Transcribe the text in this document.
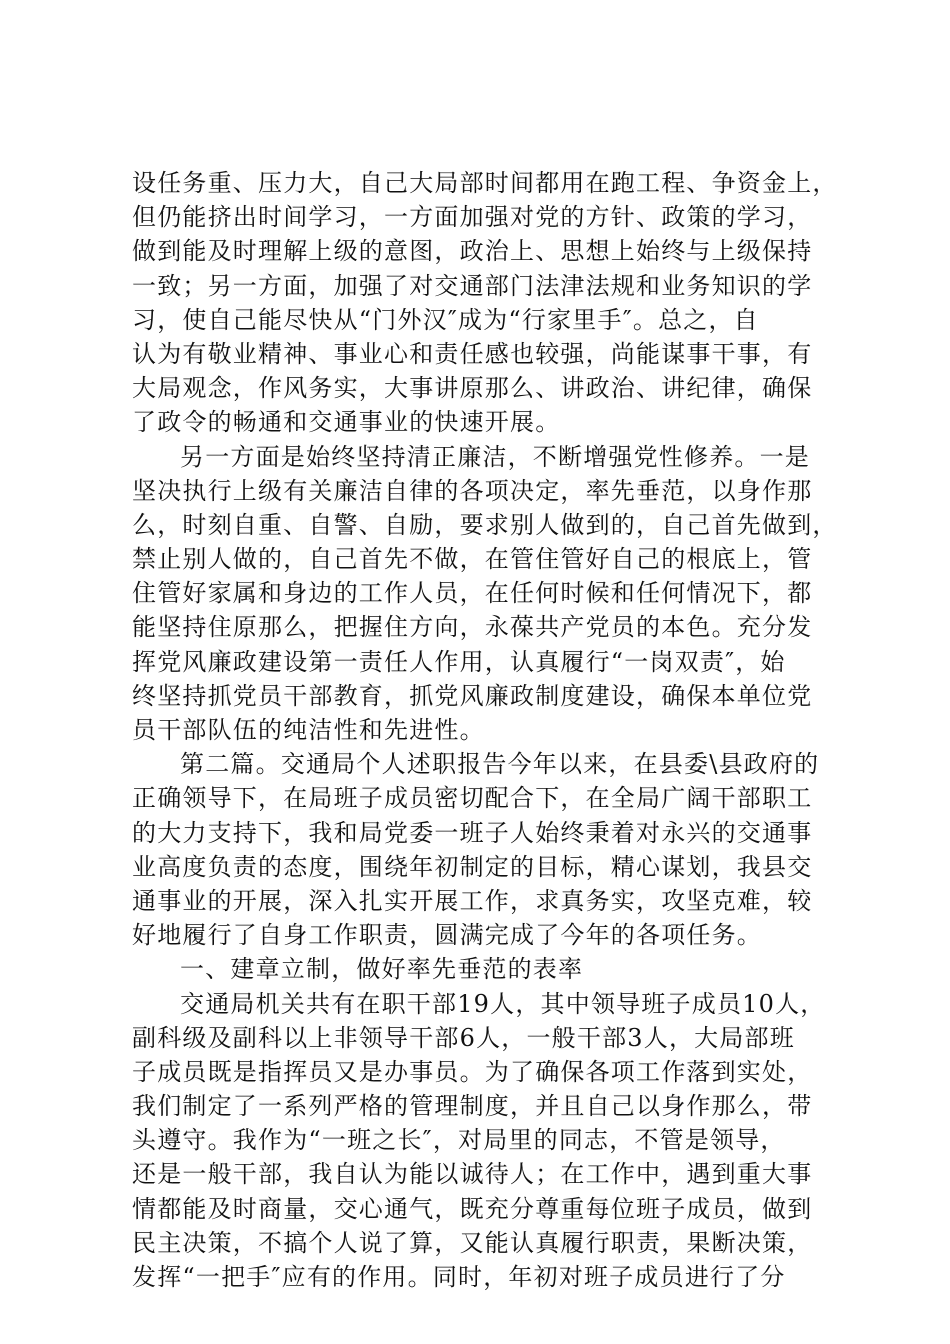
设任务重、压力大，自己大局部时间都用在跑工程、争资金上，
但仍能挤出时间学习，一方面加强对党的方针、政策的学习，
做到能及时理解上级的意图，政治上、思想上始终与上级保持
一致；另一方面，加强了对交通部门法津法规和业务知识的学
习，使自己能尽快从“门外汉″成为“行家里手″。总之，自
认为有敬业精神、事业心和责任感也较强，尚能谋事干事，有
大局观念，作风务实，大事讲原那么、讲政治、讲纪律，确保
了政令的畅通和交通事业的快速开展。
另一方面是始终坚持清正廉洁，不断增强党性修养。一是
坚决执行上级有关廉洁自律的各项决定，率先垂范，以身作那
么，时刻自重、自警、自励，要求别人做到的，自己首先做到，
禁止别人做的，自己首先不做，在管住管好自己的根底上，管
住管好家属和身边的工作人员，在任何时候和任何情况下，都
能坚持住原那么，把握住方向，永葆共产党员的本色。充分发
挥党风廉政建设第一责任人作用，认真履行“一岗双责″，始
终坚持抓党员干部教育，抓党风廉政制度建设，确保本单位党
员干部队伍的纯洁性和先进性。
第二篇。交通局个人述职报告今年以来，在县委\县政府的
正确领导下，在局班子成员密切配合下，在全局广阔干部职工
的大力支持下，我和局党委一班子人始终秉着对永兴的交通事
业高度负责的态度，围绕年初制定的目标，精心谋划，我县交
通事业的开展，深入扎实开展工作，求真务实，攻坚克难，较
好地履行了自身工作职责，圆满完成了今年的各项任务。
一、建章立制，做好率先垂范的表率
交通局机关共有在职干部19人，其中领导班子成员10人，
副科级及副科以上非领导干部6人，一般干部3人，大局部班
子成员既是指挥员又是办事员。为了确保各项工作落到实处，
我们制定了一系列严格的管理制度，并且自己以身作那么，带
头遵守。我作为“一班之长″，对局里的同志，不管是领导，
还是一般干部，我自认为能以诚待人；在工作中，遇到重大事
情都能及时商量，交心通气，既充分尊重每位班子成员，做到
民主决策，不搞个人说了算，又能认真履行职责，果断决策，
发挥“一把手″应有的作用。同时，年初对班子成员进行了分
